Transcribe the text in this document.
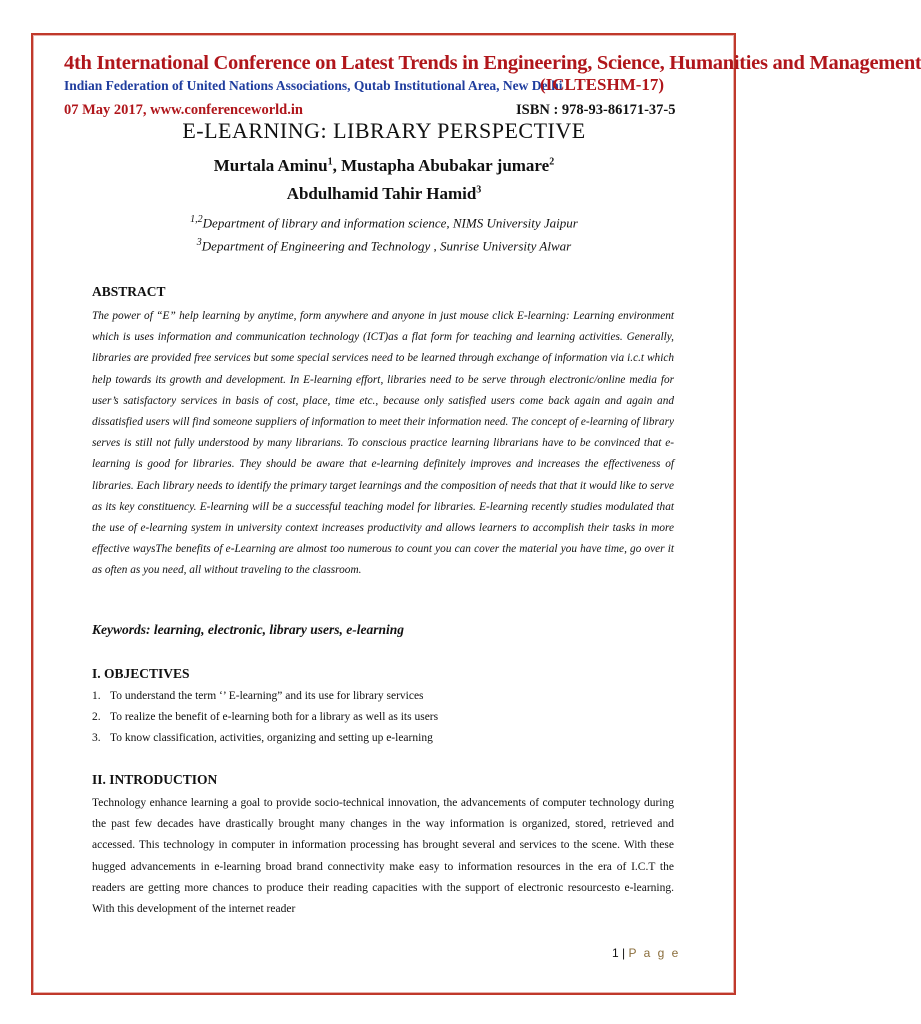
4th International Conference on Latest Trends in Engineering, Science, Humanities and Management
Indian Federation of United Nations Associations, Qutab Institutional Area, New Delhi
(ICLTESHM-17)
07 May 2017, www.conferenceworld.in	ISBN : 978-93-86171-37-5
E-LEARNING: LIBRARY PERSPECTIVE
Murtala Aminu$^1$, Mustapha Abubakar jumare$^2$
Abdulhamid Tahir Hamid$^3$
$^{1,2}$Department of library and information science, NIMS University Jaipur
$^3$Department of Engineering and Technology , Sunrise University Alwar
ABSTRACT

The power of “E” help learning by anytime, form anywhere and anyone in just mouse click E-learning: Learning environment which is uses information and communication technology (ICT)as a flat form for teaching and learning activities. Generally, libraries are provided free services but some special services need to be learned through exchange of information via i.c.t which help towards its growth and development. In E-learning effort, libraries need to be serve through electronic/online media for user’s satisfactory services in basis of cost, place, time etc., because only satisfied users come back again and again and dissatisfied users will find someone suppliers of information to meet their information need. The concept of e-learning of library serves is still not fully understood by many librarians. To conscious practice learning librarians have to be convinced that e-learning is good for libraries. They should be aware that e-learning definitely improves and increases the effectiveness of libraries. Each library needs to identify the primary target learnings and the composition of needs that that it would like to serve as its key constituency. E-learning will be a successful teaching model for libraries. E-learning recently studies modulated that the use of e-learning system in university context increases productivity and allows learners to accomplish their tasks in more effective waysThe benefits of e-Learning are almost too numerous to count you can cover the material you have time, go over it as often as you need, all without traveling to the classroom.

Keywords: learning, electronic, library users, e-learning
I. OBJECTIVES
1. To understand the term ‘’ E-learning” and its use for library services
2. To realize the benefit of e-learning both for a library as well as its users
3. To know classification, activities, organizing and setting up e-learning
II. INTRODUCTION

Technology enhance learning a goal to provide socio-technical innovation, the advancements of computer technology during the past few decades have drastically brought many changes in the way information is organized, stored, retrieved and accessed. This technology in computer in information processing has brought several and services to the scene. With these hugged advancements in e-learning broad brand connectivity make easy to information resources in the era of I.C.T the readers are getting more chances to produce their reading capacities with the support of electronic resourcesto e-learning. With this development of the internet reader

1 | P a g e
